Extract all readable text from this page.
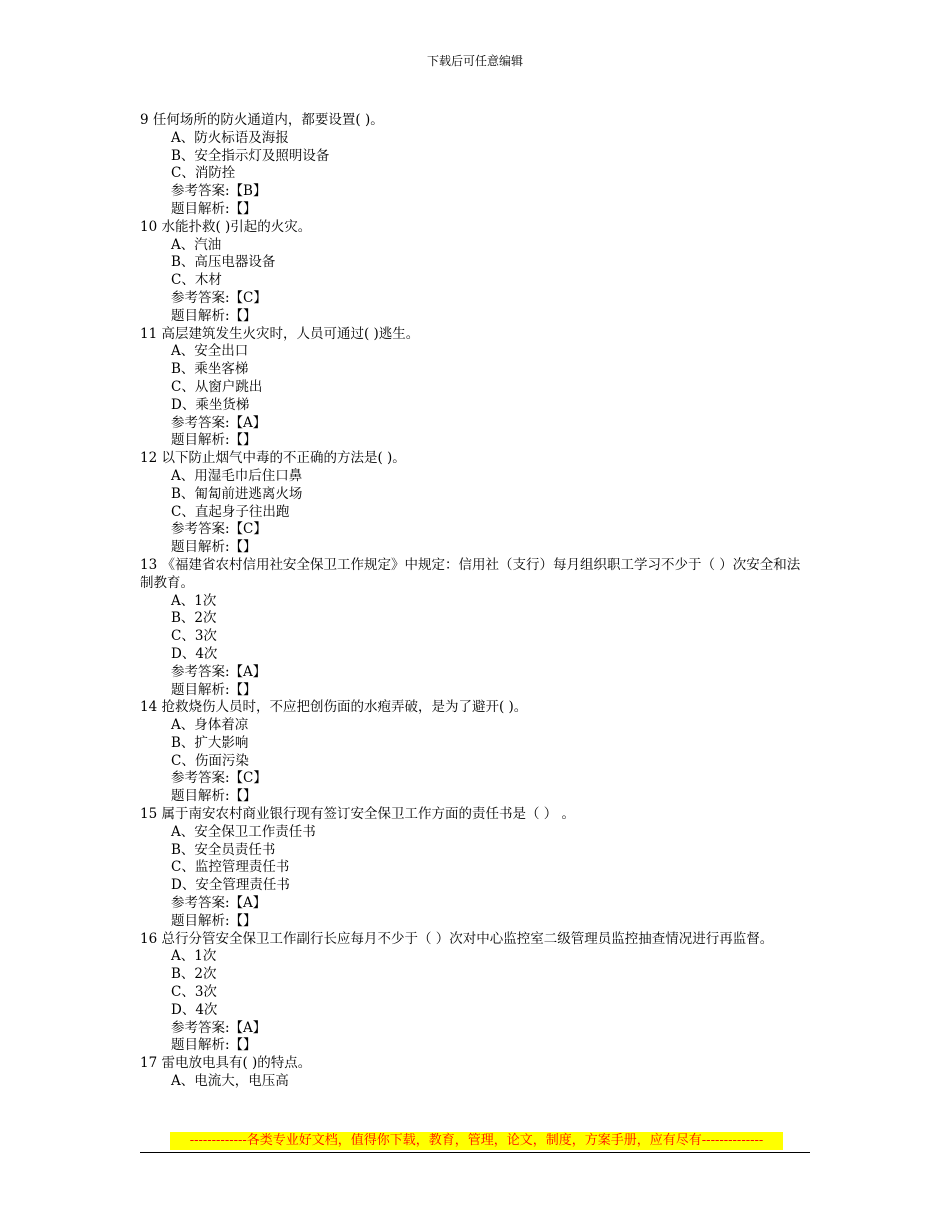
下载后可任意编辑
9 任何场所的防火通道内，都要设置( )。
A、防火标语及海报
B、安全指示灯及照明设备
C、消防拴
参考答案:【B】
题目解析:【】
10 水能扑救( )引起的火灾。
A、汽油
B、高压电器设备
C、木材
参考答案:【C】
题目解析:【】
11 高层建筑发生火灾时，人员可通过( )逃生。
A、安全出口
B、乘坐客梯
C、从窗户跳出
D、乘坐货梯
参考答案:【A】
题目解析:【】
12 以下防止烟气中毒的不正确的方法是( )。
A、用湿毛巾后住口鼻
B、匍匐前进逃离火场
C、直起身子往出跑
参考答案:【C】
题目解析:【】
13 《福建省农村信用社安全保卫工作规定》中规定：信用社（支行）每月组织职工学习不少于（ ）次安全和法制教育。
A、1次
B、2次
C、3次
D、4次
参考答案:【A】
题目解析:【】
14 抢救烧伤人员时，不应把创伤面的水疱弄破，是为了避开( )。
A、身体着凉
B、扩大影响
C、伤面污染
参考答案:【C】
题目解析:【】
15 属于南安农村商业银行现有签订安全保卫工作方面的责任书是（ ） 。
A、安全保卫工作责任书
B、安全员责任书
C、监控管理责任书
D、安全管理责任书
参考答案:【A】
题目解析:【】
16 总行分管安全保卫工作副行长应每月不少于（ ）次对中心监控室二级管理员监控抽查情况进行再监督。
A、1次
B、2次
C、3次
D、4次
参考答案:【A】
题目解析:【】
17 雷电放电具有( )的特点。
A、电流大，电压高
-------------各类专业好文档，值得你下载，教育，管理，论文，制度，方案手册，应有尽有--------------
